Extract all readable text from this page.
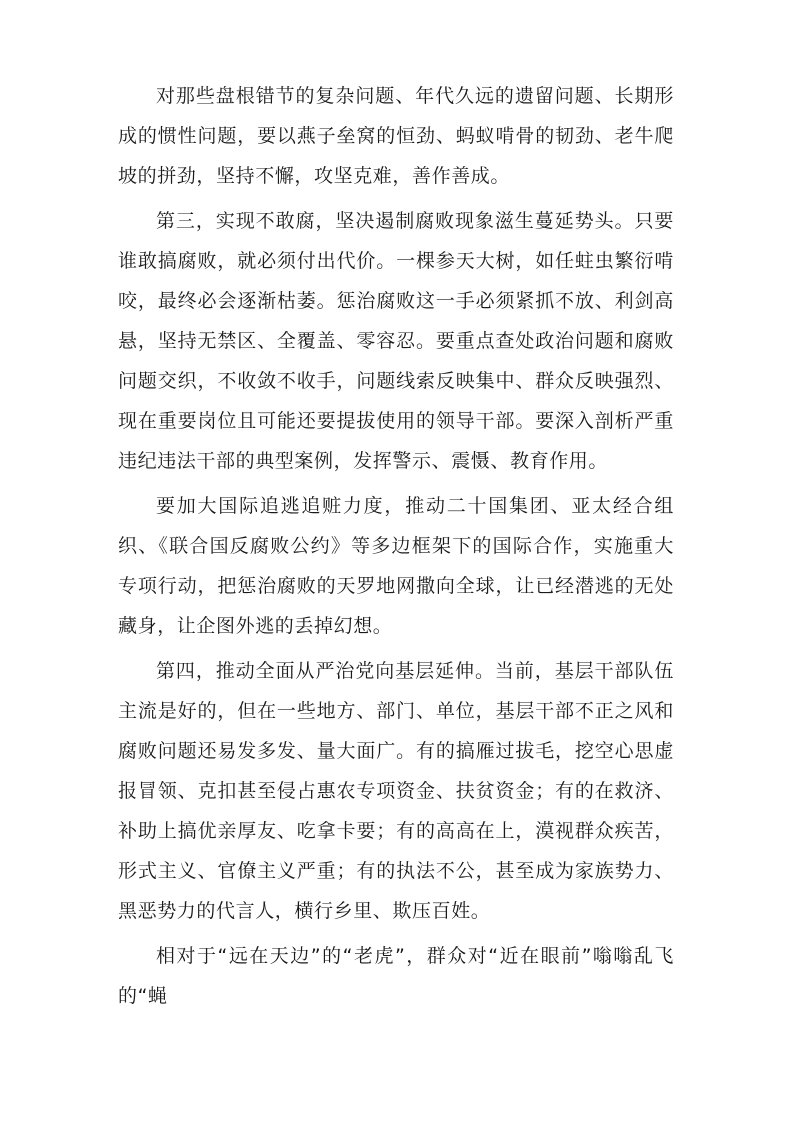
对那些盘根错节的复杂问题、年代久远的遗留问题、长期形成的惯性问题，要以燕子垒窝的恒劲、蚂蚁啃骨的韧劲、老牛爬坡的拼劲，坚持不懈，攻坚克难，善作善成。

第三，实现不敢腐，坚决遏制腐败现象滋生蔓延势头。只要谁敢搞腐败，就必须付出代价。一棵参天大树，如任蛀虫繁衍啃咬，最终必会逐渐枯萎。惩治腐败这一手必须紧抓不放、利剑高悬，坚持无禁区、全覆盖、零容忍。要重点查处政治问题和腐败问题交织，不收敛不收手，问题线索反映集中、群众反映强烈、现在重要岗位且可能还要提拔使用的领导干部。要深入剖析严重违纪违法干部的典型案例，发挥警示、震慑、教育作用。

要加大国际追逃追赃力度，推动二十国集团、亚太经合组织、《联合国反腐败公约》等多边框架下的国际合作，实施重大专项行动，把惩治腐败的天罗地网撒向全球，让已经潜逃的无处藏身，让企图外逃的丢掉幻想。

第四，推动全面从严治党向基层延伸。当前，基层干部队伍主流是好的，但在一些地方、部门、单位，基层干部不正之风和腐败问题还易发多发、量大面广。有的搞雁过拔毛，挖空心思虚报冒领、克扣甚至侵占惠农专项资金、扶贫资金；有的在救济、补助上搞优亲厚友、吃拿卡要；有的高高在上，漠视群众疾苦，形式主义、官僚主义严重；有的执法不公，甚至成为家族势力、黑恶势力的代言人，横行乡里、欺压百姓。

相对于“远在天边”的“老虎”，群众对“近在眼前”嗡嗡乱飞的“蝇
